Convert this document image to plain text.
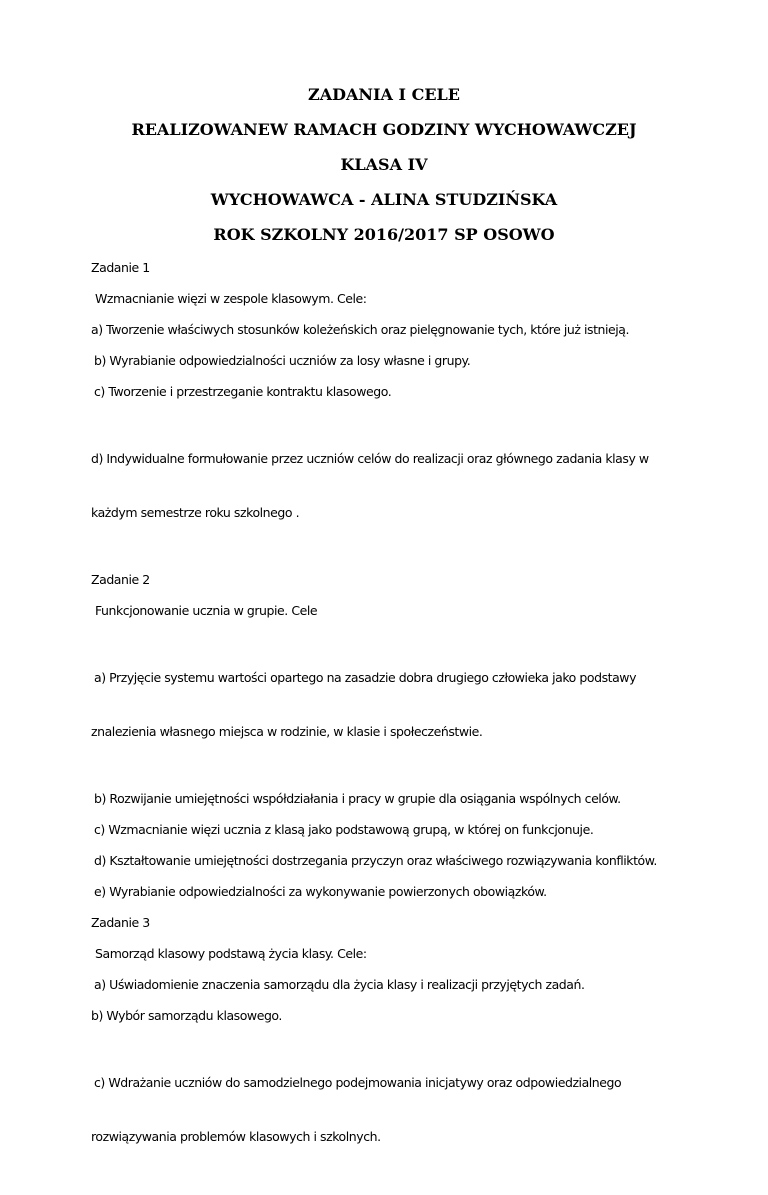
ZADANIA I CELE
REALIZOWANEW RAMACH GODZINY WYCHOWAWCZEJ
KLASA IV
WYCHOWAWCA - ALINA STUDZIŃSKA
ROK SZKOLNY 2016/2017 SP OSOWO

Zadanie 1

Wzmacnianie więzi w zespole klasowym. Cele:

a) Tworzenie właściwych stosunków koleżeńskich oraz pielęgnowanie tych, które już istnieją.

b) Wyrabianie odpowiedzialności uczniów za losy własne i grupy.

c) Tworzenie i przestrzeganie kontraktu klasowego.

d) Indywidualne formułowanie przez uczniów celów do realizacji oraz głównego zadania klasy w

każdym semestrze roku szkolnego .

Zadanie 2

Funkcjonowanie ucznia w grupie. Cele

a) Przyjęcie systemu wartości opartego na zasadzie dobra drugiego człowieka jako podstawy

znalezienia własnego miejsca w rodzinie, w klasie i społeczeństwie.

b) Rozwijanie umiejętności współdziałania i pracy w grupie dla osiągania wspólnych celów.

c) Wzmacnianie więzi ucznia z klasą jako podstawową grupą, w której on funkcjonuje.

d) Kształtowanie umiejętności dostrzegania przyczyn oraz właściwego rozwiązywania konfliktów.

e) Wyrabianie odpowiedzialności za wykonywanie powierzonych obowiązków.

Zadanie 3

Samorząd klasowy podstawą życia klasy. Cele:

a) Uświadomienie znaczenia samorządu dla życia klasy i realizacji przyjętych zadań.

b) Wybór samorządu klasowego.

c) Wdrażanie uczniów do samodzielnego podejmowania inicjatywy oraz odpowiedzialnego

rozwiązywania problemów klasowych i szkolnych.
